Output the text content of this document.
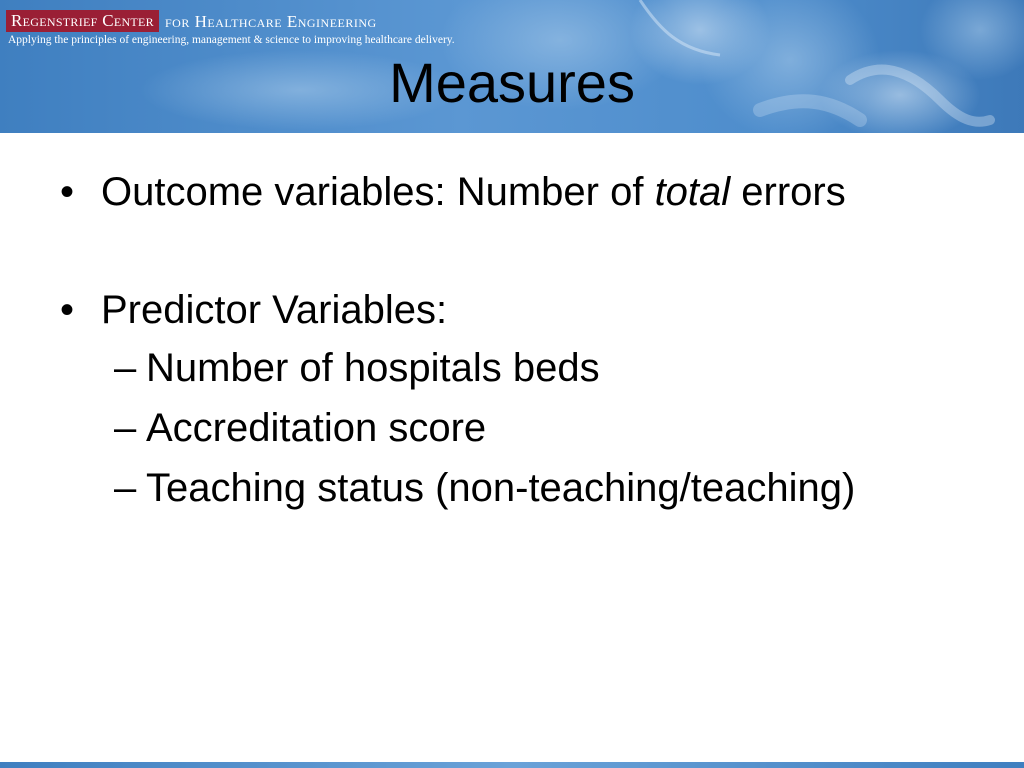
Regenstrief Center for Healthcare Engineering
Applying the principles of engineering, management & science to improving healthcare delivery.
Measures
• Outcome variables: Number of total errors
• Predictor Variables:
– Number of hospitals beds
– Accreditation score
– Teaching status (non-teaching/teaching)
